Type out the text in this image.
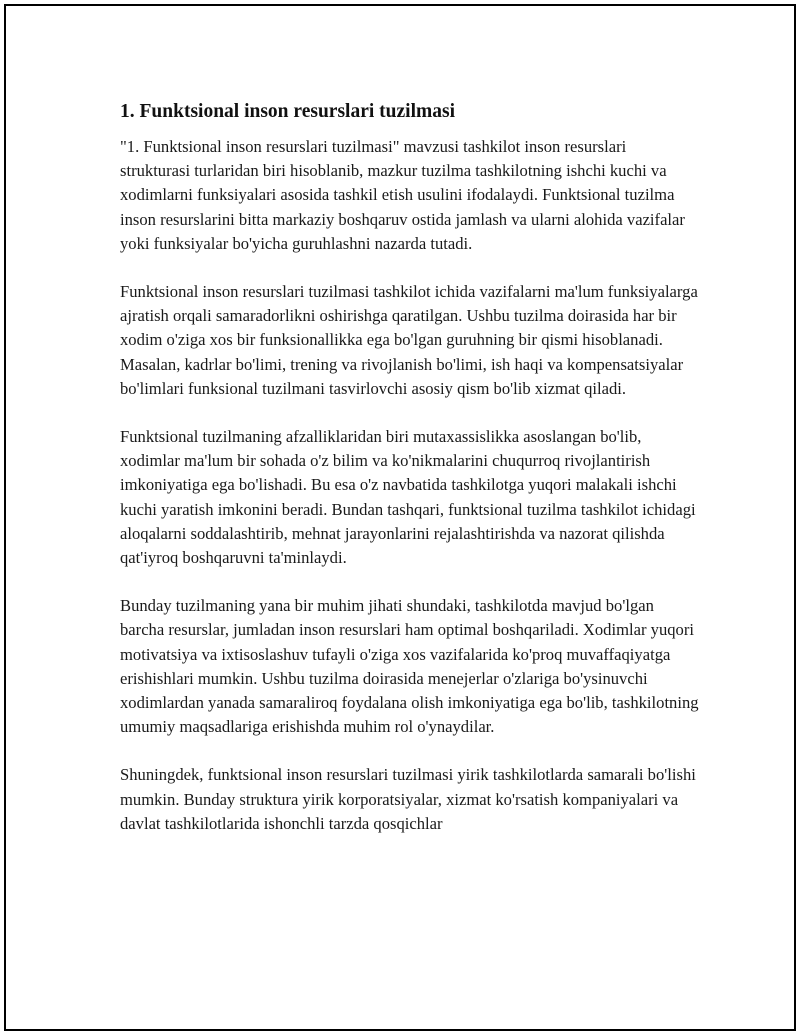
1. Funktsional inson resurslari tuzilmasi

"1. Funktsional inson resurslari tuzilmasi" mavzusi tashkilot inson resurslari strukturasi turlaridan biri hisoblanib, mazkur tuzilma tashkilotning ishchi kuchi va xodimlarni funksiyalari asosida tashkil etish usulini ifodalaydi. Funktsional tuzilma inson resurslarini bitta markaziy boshqaruv ostida jamlash va ularni alohida vazifalar yoki funksiyalar bo'yicha guruhlashni nazarda tutadi.

Funktsional inson resurslari tuzilmasi tashkilot ichida vazifalarni ma'lum funksiyalarga ajratish orqali samaradorlikni oshirishga qaratilgan. Ushbu tuzilma doirasida har bir xodim o'ziga xos bir funksionallikka ega bo'lgan guruhning bir qismi hisoblanadi. Masalan, kadrlar bo'limi, trening va rivojlanish bo'limi, ish haqi va kompensatsiyalar bo'limlari funksional tuzilmani tasvirlovchi asosiy qism bo'lib xizmat qiladi.

Funktsional tuzilmaning afzalliklaridan biri mutaxassislikka asoslangan bo'lib, xodimlar ma'lum bir sohada o'z bilim va ko'nikmalarini chuqurroq rivojlantirish imkoniyatiga ega bo'lishadi. Bu esa o'z navbatida tashkilotga yuqori malakali ishchi kuchi yaratish imkonini beradi. Bundan tashqari, funktsional tuzilma tashkilot ichidagi aloqalarni soddalashtirib, mehnat jarayonlarini rejalashtirishda va nazorat qilishda qat'iyroq boshqaruvni ta'minlaydi.

Bunday tuzilmaning yana bir muhim jihati shundaki, tashkilotda mavjud bo'lgan barcha resurslar, jumladan inson resurslari ham optimal boshqariladi. Xodimlar yuqori motivatsiya va ixtisoslashuv tufayli o'ziga xos vazifalarida ko'proq muvaffaqiyatga erishishlari mumkin. Ushbu tuzilma doirasida menejerlar o'zlariga bo'ysinuvchi xodimlardan yanada samaraliroq foydalana olish imkoniyatiga ega bo'lib, tashkilotning umumiy maqsadlariga erishishda muhim rol o'ynaydilar.

Shuningdek, funktsional inson resurslari tuzilmasi yirik tashkilotlarda samarali bo'lishi mumkin. Bunday struktura yirik korporatsiyalar, xizmat ko'rsatish kompaniyalari va davlat tashkilotlarida ishonchli tarzda qosqichlar
